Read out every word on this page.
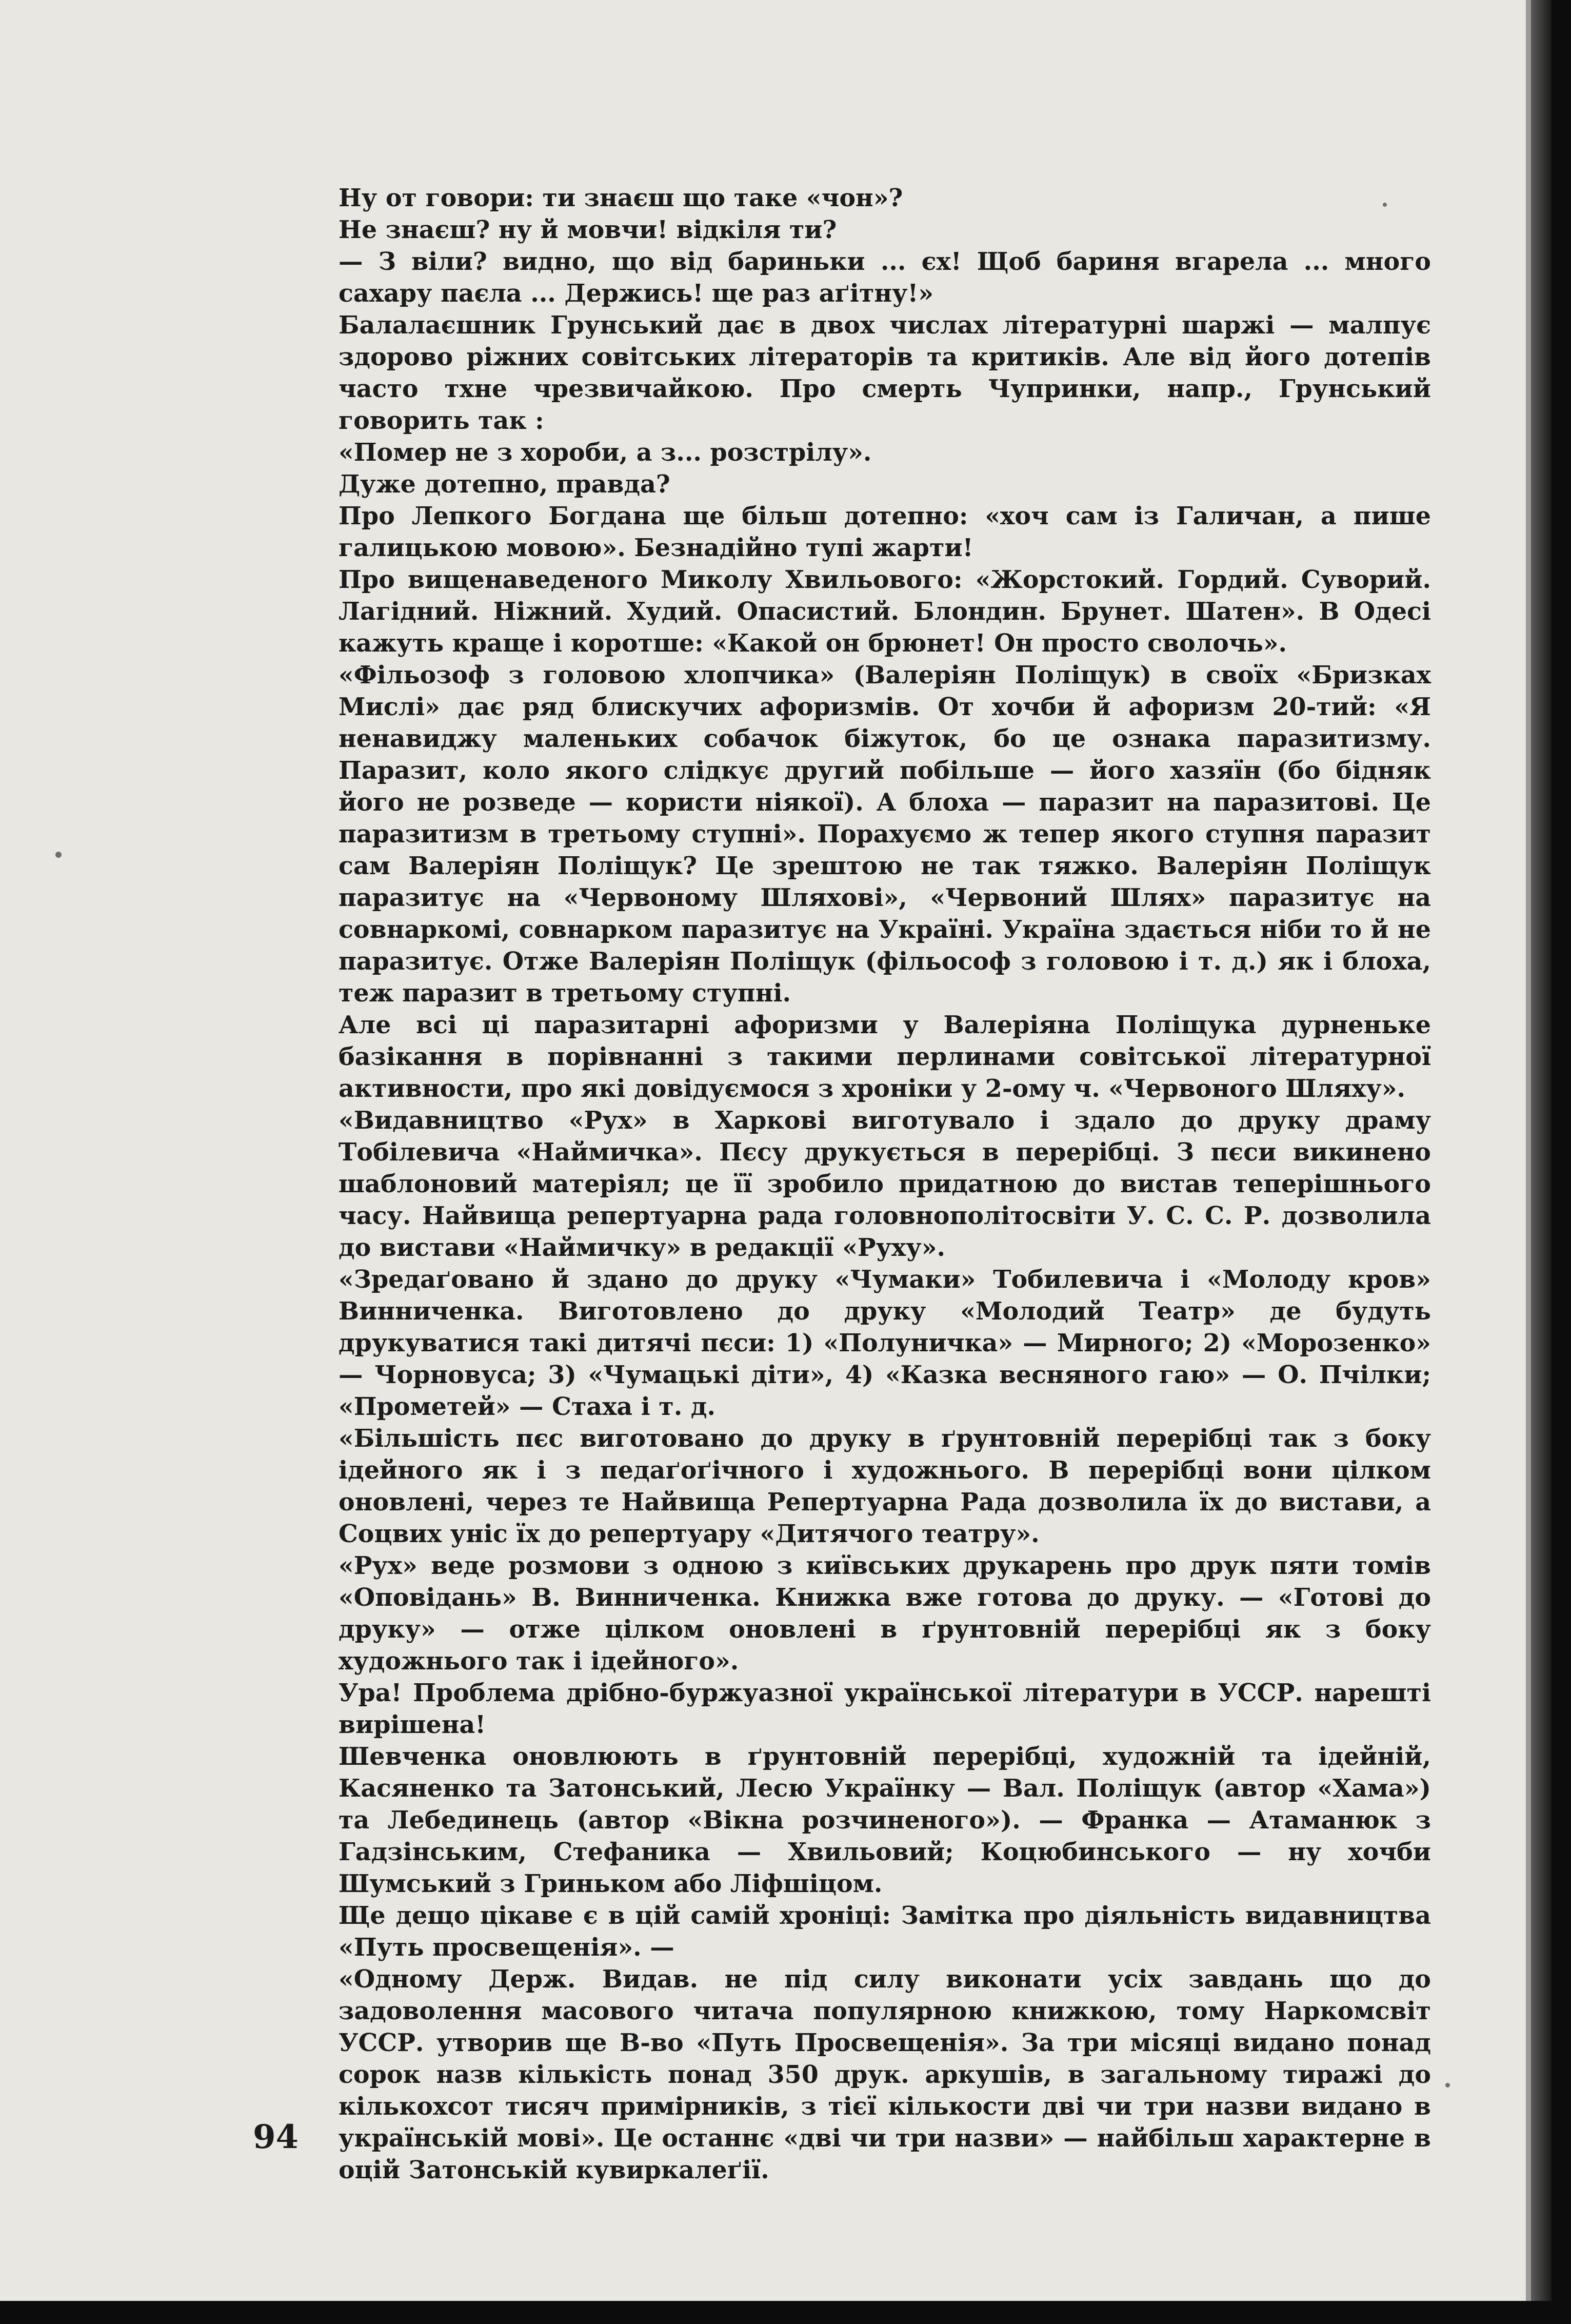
Ну от говори: ти знаєш що таке «чон»?

Не знаєш? ну й мовчи! відкіля ти?

— З віли? видно, що від бариньки ... єх! Щоб бариня вгарела ... много сахару паєла ... Держись! ще раз аґітну!»

Балалаєшник Грунський дає в двох числах літературні шаржі — малпує здорово ріжних совітських літераторів та критиків. Але від його дотепів часто тхне чрезвичайкою. Про смерть Чупринки, напр., Грунський говорить так :

«Помер не з хороби, а з... розстрілу».

Дуже дотепно, правда?

Про Лепкого Богдана ще більш дотепно: «хоч сам із Галичан, а пише галицькою мовою». Безнадійно тупі жарти!

Про вищенаведеного Миколу Хвильового: «Жорстокий. Гордий. Суворий. Лагідний. Ніжний. Худий. Опасистий. Блондин. Брунет. Шатен». В Одесі кажуть краще і коротше: «Какой он брюнет! Он просто сволочь».

«Фільозоф з головою хлопчика» (Валеріян Поліщук) в своїх «Бризках Мислі» дає ряд блискучих афоризмів. От хочби й афоризм 20-тий: «Я ненавиджу маленьких собачок біжуток, бо це ознака паразитизму. Паразит, коло якого слідкує другий побільше — його хазяїн (бо бідняк його не розведе — користи ніякої). А блоха — паразит на паразитові. Це паразитизм в третьому ступні». Порахуємо ж тепер якого ступня паразит сам Валеріян Поліщук? Це зрештою не так тяжко. Валеріян Поліщук паразитує на «Червоному Шляхові», «Червоний Шлях» паразитує на совнаркомі, совнарком паразитує на Україні. Україна здається ніби то й не паразитує. Отже Валеріян Поліщук (фільософ з головою і т. д.) як і блоха, теж паразит в третьому ступні.

Але всі ці паразитарні афоризми у Валеріяна Поліщука дурненьке базікання в порівнанні з такими перлинами совітської літературної активности, про які довідуємося з хроніки у 2-ому ч. «Червоного Шляху».

«Видавництво «Рух» в Харкові виготувало і здало до друку драму Тобілевича «Наймичка». Пєсу друкується в перерібці. З пєси викинено шаблоновий матеріял; це її зробило придатною до вистав теперішнього часу. Найвища репертуарна рада головнополітосвіти У. С. С. Р. дозволила до вистави «Наймичку» в редакції «Руху».

«Зредаґовано й здано до друку «Чумаки» Тобилевича і «Молоду кров» Винниченка. Виготовлено до друку «Молодий Театр» де будуть друкуватися такі дитячі пєси: 1) «Полуничка» — Мирного; 2) «Морозенко» — Чорновуса; 3) «Чумацькі діти», 4) «Казка весняного гаю» — О. Пчілки; «Прометей» — Стаха і т. д.

«Більшість пєс виготовано до друку в ґрунтовній перерібці так з боку ідейного як і з педаґоґічного і художнього. В перерібці вони цілком оновлені, через те Найвища Репертуарна Рада дозволила їх до вистави, а Соцвих уніс їх до репертуару «Дитячого театру».

«Рух» веде розмови з одною з київських друкарень про друк пяти томів «Оповідань» В. Винниченка. Книжка вже готова до друку. — «Готові до друку» — отже цілком оновлені в ґрунтовній перерібці як з боку художнього так і ідейного».

Ура! Проблема дрібно-буржуазної української літератури в УССР. нарешті вирішена!

Шевченка оновлюють в ґрунтовній перерібці, художній та ідейній, Касяненко та Затонський, Лесю Українку — Вал. Поліщук (автор «Хама») та Лебединець (автор «Вікна розчиненого»). — Франка — Атаманюк з Гадзінським, Стефаника — Хвильовий; Коцюбинського — ну хочби Шумський з Гриньком або Ліфшіцом.

Ще дещо цікаве є в цій самій хроніці: Замітка про діяльність видавництва «Путь просвещенія». —

«Одному Держ. Видав. не під силу виконати усіх завдань що до задоволення масового читача популярною книжкою, тому Наркомсвіт УССР. утворив ще В-во «Путь Просвещенія». За три місяці видано понад сорок назв кількість понад 350 друк. аркушів, в загальному тиражі до кількохсот тисяч примірників, з тієї кількости дві чи три назви видано в українській мові». Це останнє «дві чи три назви» — найбільш характерне в оцій Затонській кувиркалеґії.

94
